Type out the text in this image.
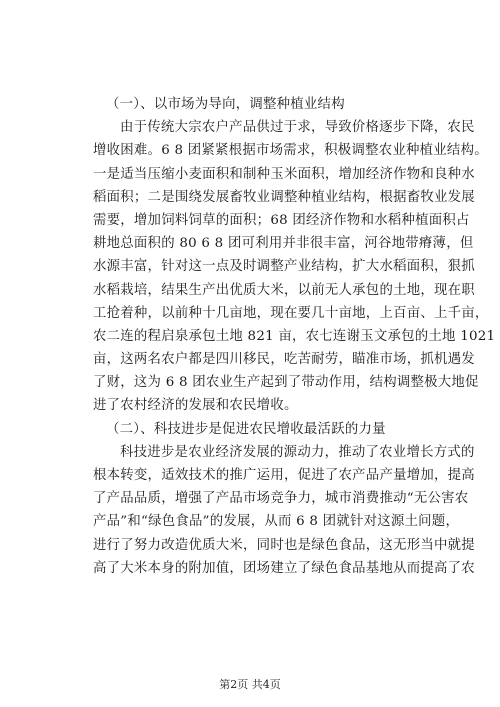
（一）、以市场为导向，调整种植业结构
由于传统大宗农户产品供过于求，导致价格逐步下降，农民
增收困难。6 8 团紧紧根据市场需求，积极调整农业种植业结构。
一是适当压缩小麦面积和制种玉米面积，增加经济作物和良种水
稻面积；二是围绕发展畜牧业调整种植业结构，根据畜牧业发展
需要，增加饲料饲草的面积；68 团经济作物和水稻种植面积占
耕地总面积的 80 6 8 团可利用并非很丰富，河谷地带瘠薄，但
水源丰富，针对这一点及时调整产业结构，扩大水稻面积，狠抓
水稻栽培，结果生产出优质大米，以前无人承包的土地，现在职
工抢着种，以前种十几亩地，现在要几十亩地，上百亩、上千亩，
农二连的程启泉承包土地 821 亩，农七连谢玉文承包的土地 1021
亩，这两名农户都是四川移民，吃苦耐劳，瞄准市场，抓机遇发
了财，这为 6 8 团农业生产起到了带动作用，结构调整极大地促
进了农村经济的发展和农民增收。
（二）、科技进步是促进农民增收最活跃的力量
科技进步是农业经济发展的源动力，推动了农业增长方式的
根本转变，适效技术的推广运用，促进了农产品产量增加，提高
了产品品质，增强了产品市场竞争力，城市消费推动“无公害农
产品”和“绿色食品”的发展，从而 6 8 团就针对这源土问题，
进行了努力改造优质大米，同时也是绿色食品，这无形当中就提
高了大米本身的附加值，团场建立了绿色食品基地从而提高了农
第2页 共4页
